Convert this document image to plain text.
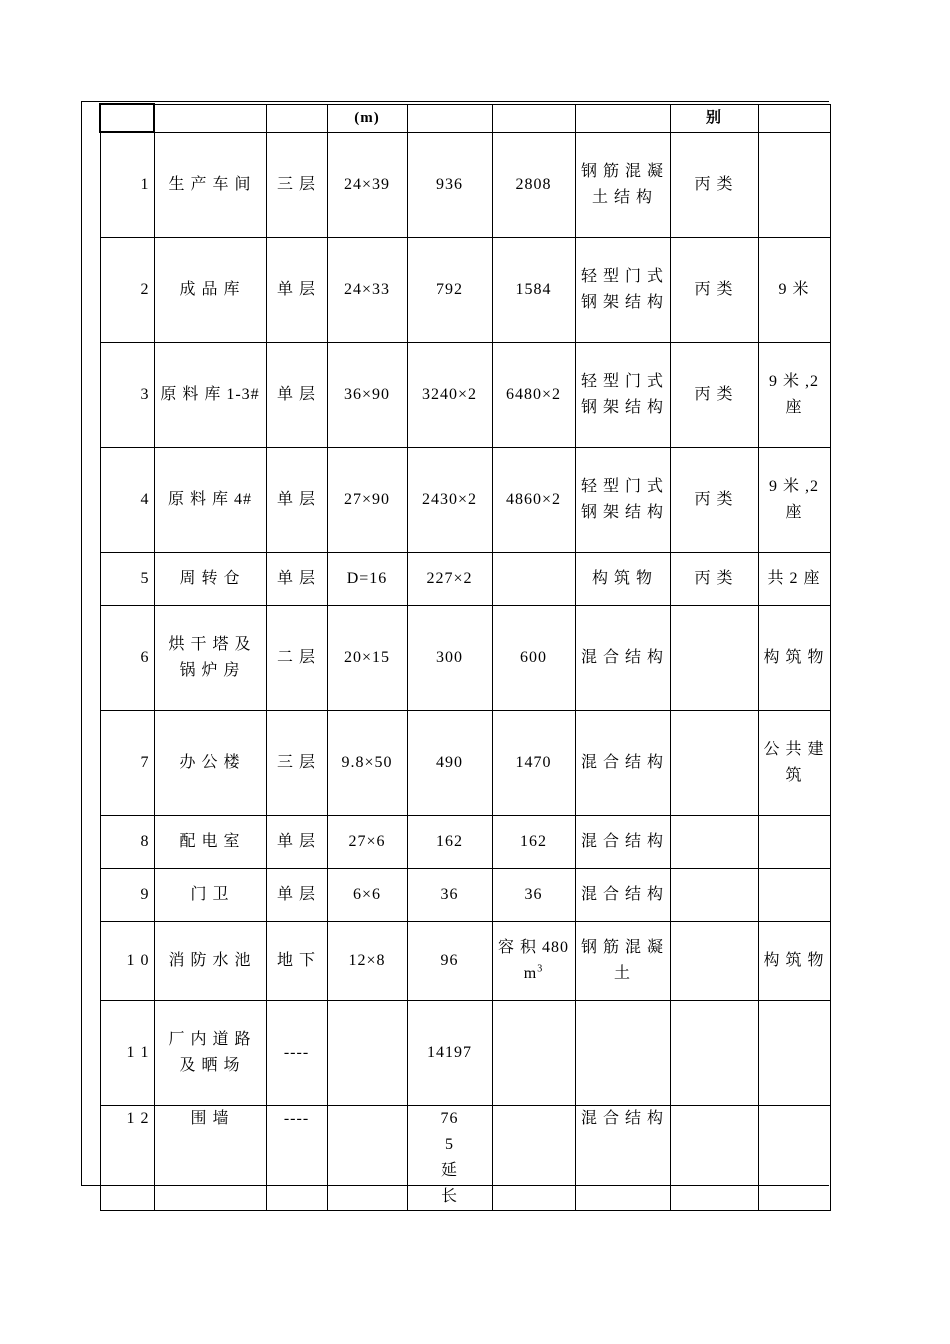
			(m)				别	
1	生 产 车 间	三 层	24×39	936	2808	钢 筋 混 凝 土 结 构	丙 类	
2	成 品 库	单 层	24×33	792	1584	轻 型 门 式 钢 架 结 构	丙 类	9 米
3	原 料 库 1-3#	单 层	36×90	3240×2	6480×2	轻 型 门 式 钢 架 结 构	丙 类	9 米 ,2 座
4	原 料 库 4#	单 层	27×90	2430×2	4860×2	轻 型 门 式 钢 架 结 构	丙 类	9 米 ,2 座
5	周 转 仓	单 层	D=16	227×2		构 筑 物	丙 类	共 2 座
6	烘 干 塔 及 锅 炉 房	二 层	20×15	300	600	混 合 结 构		构 筑 物
7	办 公 楼	三 层	9.8×50	490	1470	混 合 结 构		公 共 建 筑
8	配 电 室	单 层	27×6	162	162	混 合 结 构		
9	门 卫	单 层	6×6	36	36	混 合 结 构		
1 0	消 防 水 池	地 下	12×8	96	容 积 $480m^3$	钢 筋 混 凝 土		构 筑 物
1 1	厂 内 道 路 及 晒 场	----		14197				
1 2	围 墙	----		765 延 长		混 合 结 构		
